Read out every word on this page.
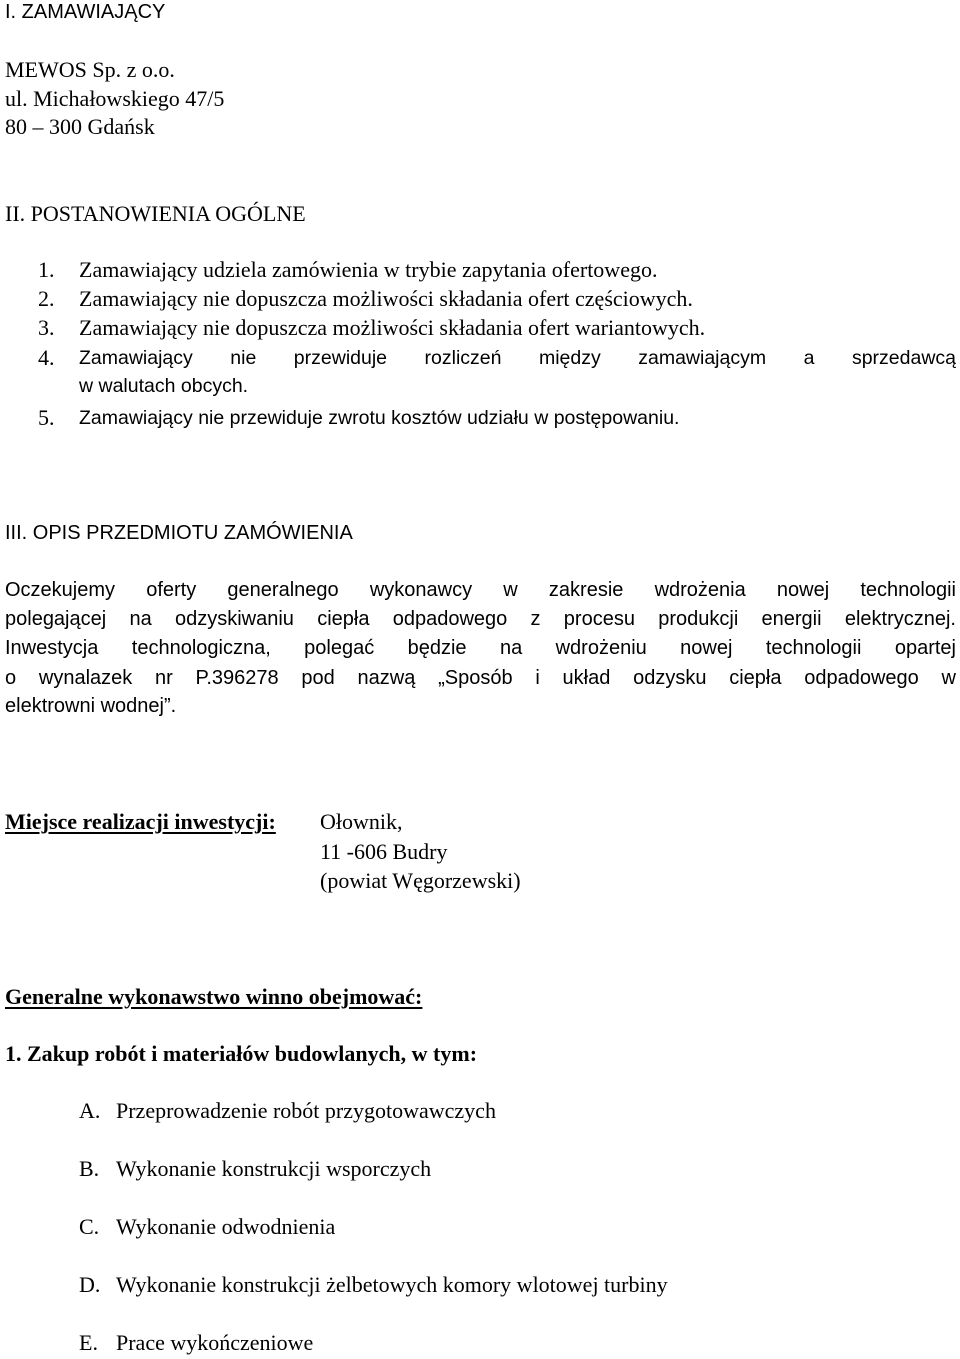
I. ZAMAWIAJĄCY
MEWOS Sp. z o.o.
ul. Michałowskiego 47/5
80 – 300 Gdańsk
II. POSTANOWIENIA OGÓLNE
1. Zamawiający udziela zamówienia w trybie zapytania ofertowego.
2. Zamawiający nie dopuszcza możliwości składania ofert częściowych.
3. Zamawiający nie dopuszcza możliwości składania ofert wariantowych.
4. Zamawiający nie przewiduje rozliczeń między zamawiającym a sprzedawcą
w walutach obcych.
5. Zamawiający nie przewiduje zwrotu kosztów udziału w postępowaniu.
III. OPIS PRZEDMIOTU ZAMÓWIENIA
Oczekujemy oferty generalnego wykonawcy w zakresie wdrożenia nowej technologii
polegającej na odzyskiwaniu ciepła odpadowego z procesu produkcji energii elektrycznej.
Inwestycja technologiczna, polegać będzie na wdrożeniu nowej technologii opartej
o wynalazek nr P.396278 pod nazwą „Sposób i układ odzysku ciepła odpadowego w
elektrowni wodnej”.
Miejsce realizacji inwestycji: Ołownik,
11 -606 Budry
(powiat Węgorzewski)
Generalne wykonawstwo winno obejmować:
1. Zakup robót i materiałów budowlanych, w tym:
A. Przeprowadzenie robót przygotowawczych
B. Wykonanie konstrukcji wsporczych
C. Wykonanie odwodnienia
D. Wykonanie konstrukcji żelbetowych komory wlotowej turbiny
E. Prace wykończeniowe
